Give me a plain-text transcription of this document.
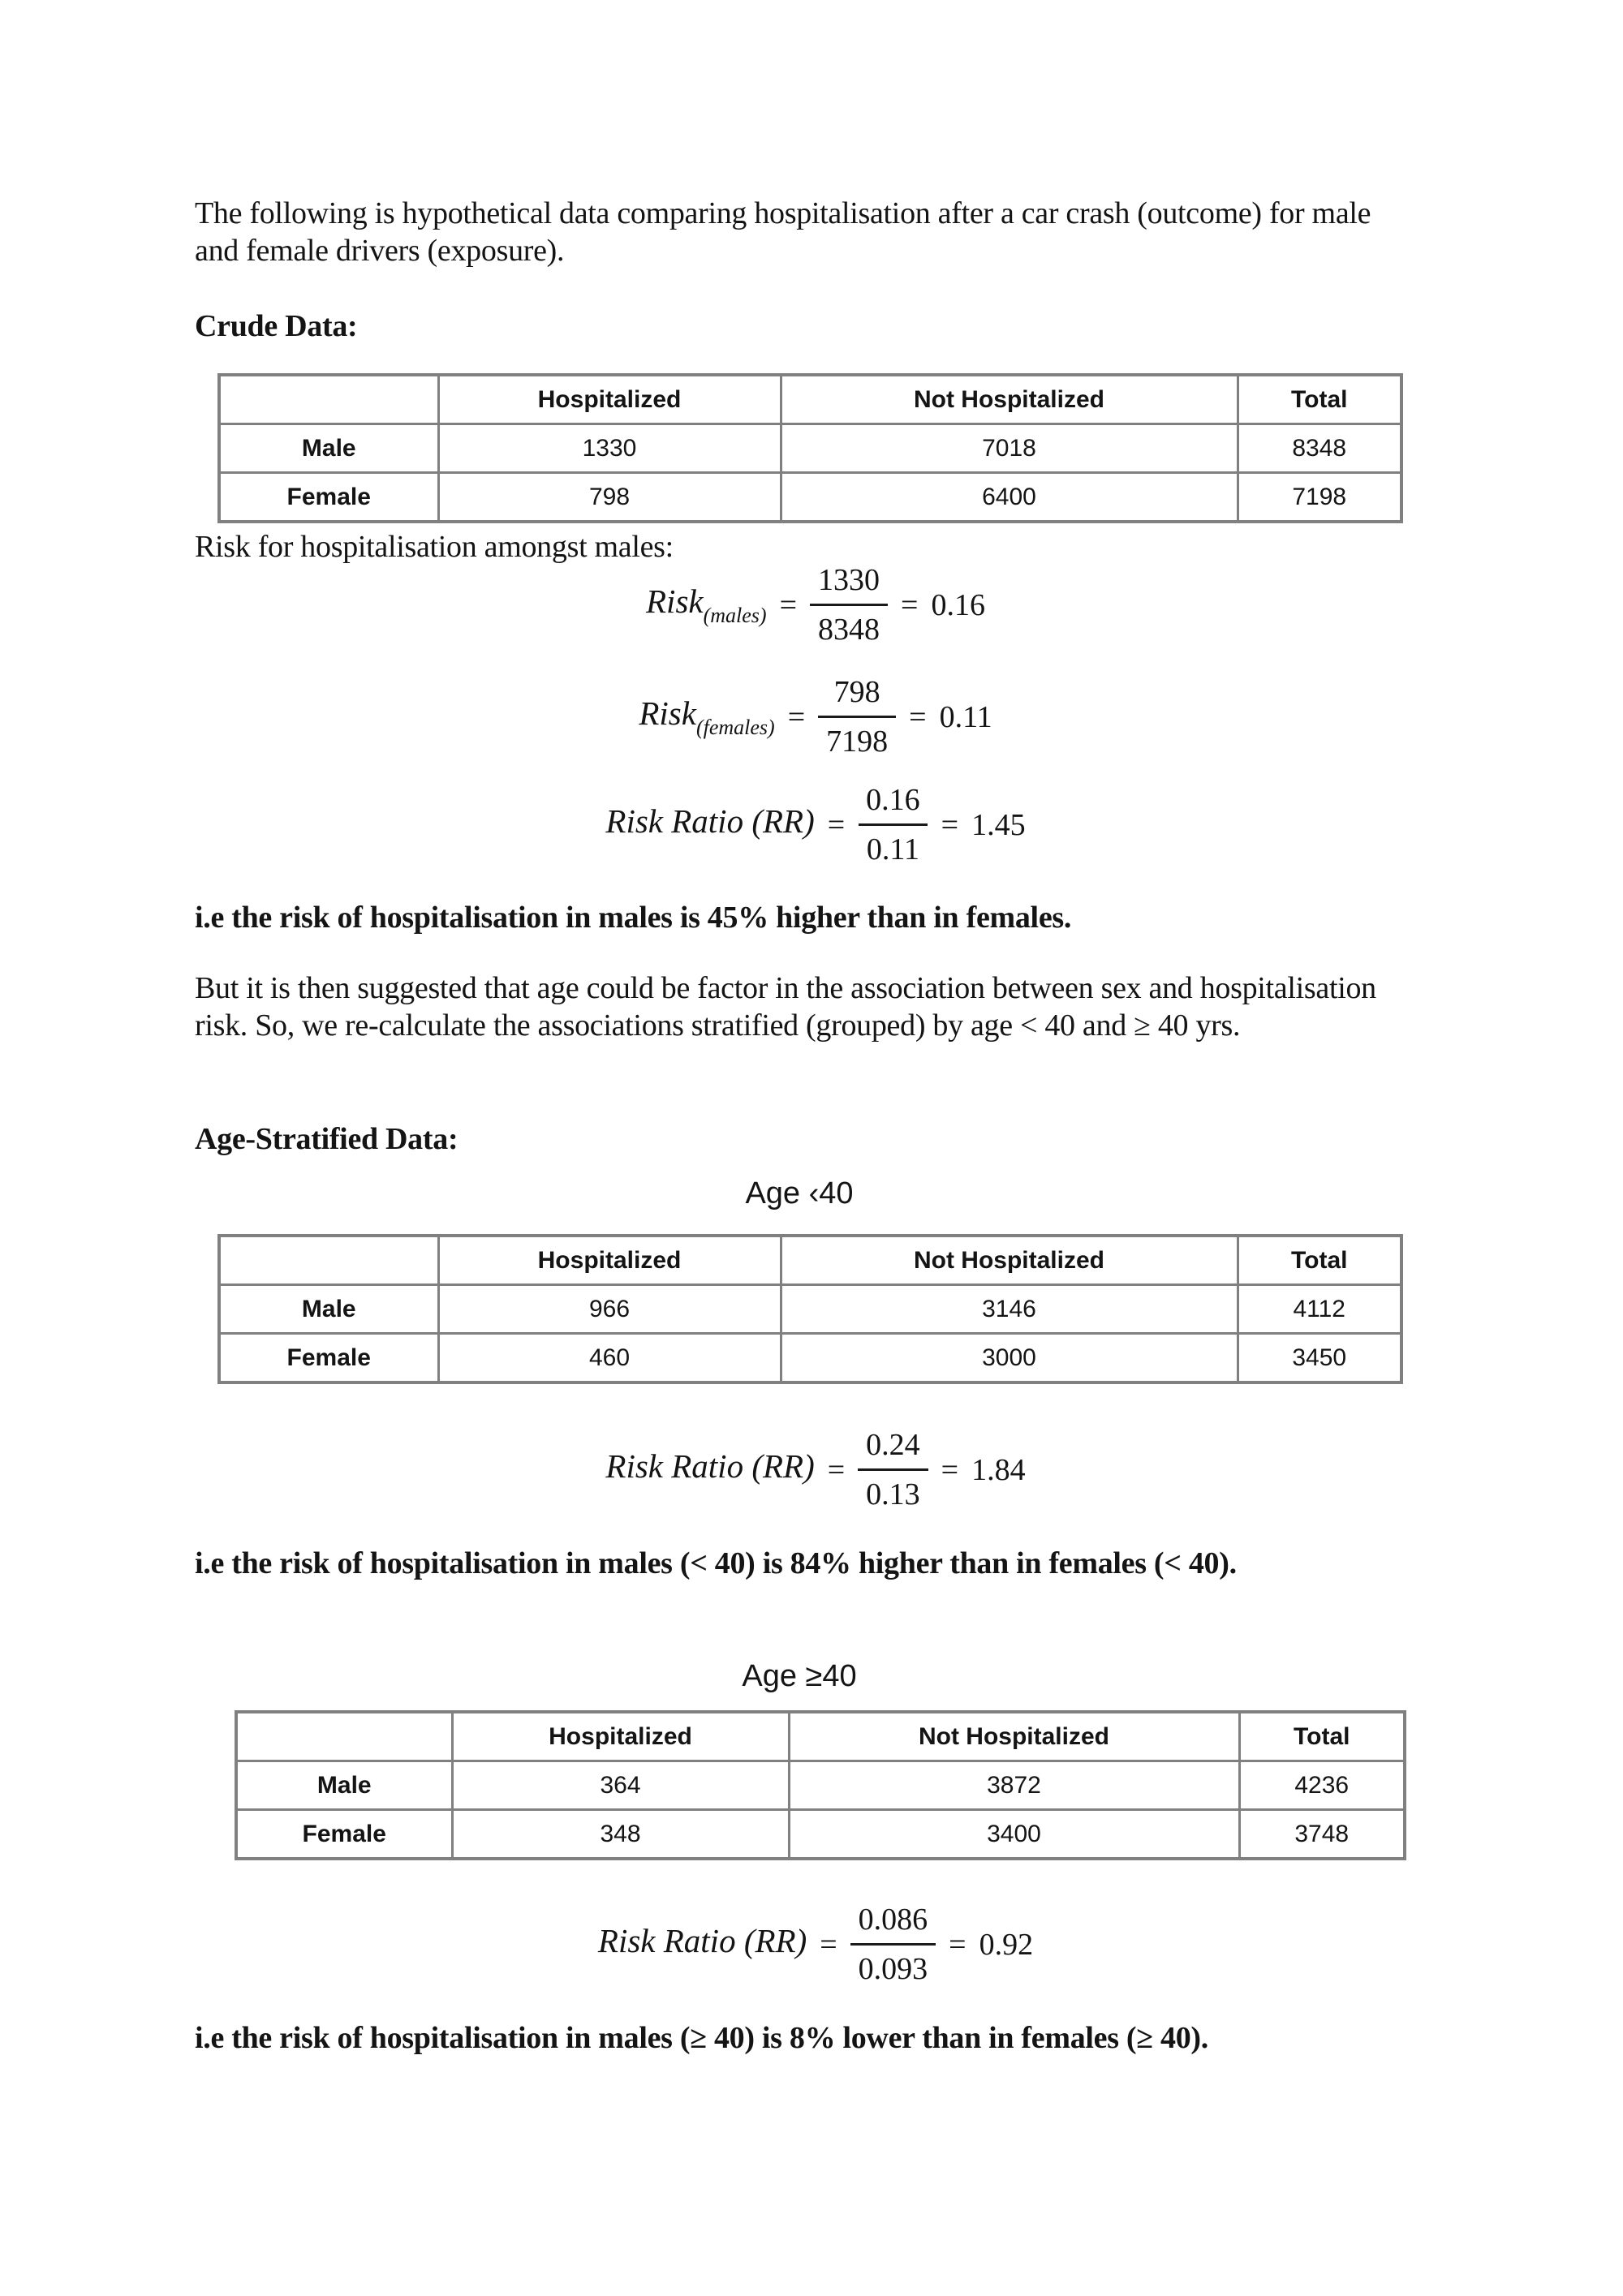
The following is hypothetical data comparing hospitalisation after a car crash (outcome) for male
and female drivers (exposure).
Crude Data:
	Hospitalized	Not Hospitalized	Total
Male	1330	7018	8348
Female	798	6400	7198
Risk for hospitalisation amongst males:
Risk$_{(males)}$ = $\frac{1330}{8348} = 0.16$
Risk$_{(females)}$ = $\frac{798}{7198} = 0.11$
Risk Ratio $(RR) = \frac{0.16}{0.11} = 1.45$
i.e the risk of hospitalisation in males is 45% higher than in females.
But it is then suggested that age could be factor in the association between sex and hospitalisation
risk. So, we re-calculate the associations stratified (grouped) by age < 40 and ≥ 40 yrs.
Age-Stratified Data:
Age ‹40
	Hospitalized	Not Hospitalized	Total
Male	966	3146	4112
Female	460	3000	3450
Risk Ratio $(RR) = \frac{0.24}{0.13} = 1.84$
i.e the risk of hospitalisation in males (< 40) is 84% higher than in females (< 40).
Age ≥40
	Hospitalized	Not Hospitalized	Total
Male	364	3872	4236
Female	348	3400	3748
Risk Ratio $(RR) = \frac{0.086}{0.093} = 0.92$
i.e the risk of hospitalisation in males (≥ 40) is 8% lower than in females (≥ 40).
